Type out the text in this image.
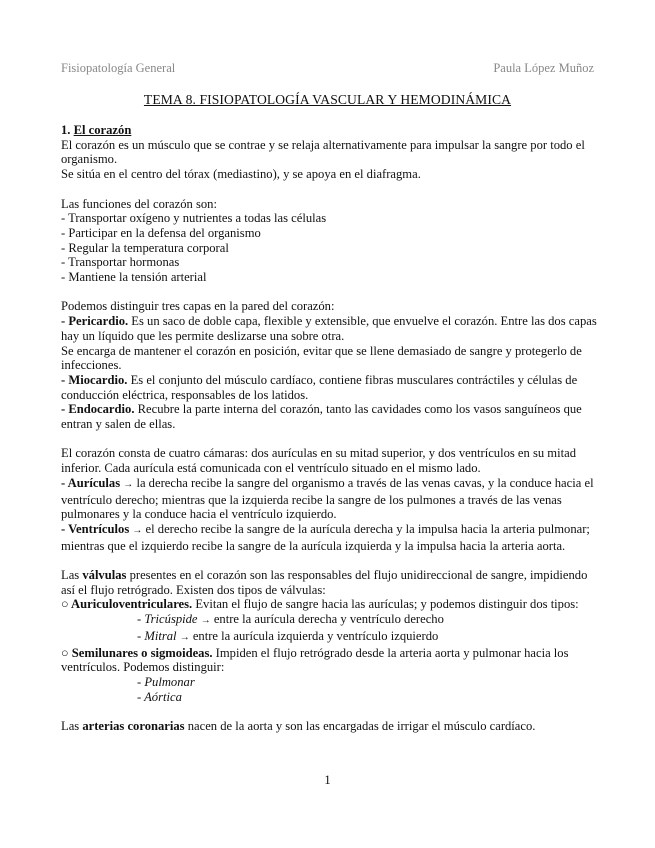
Fisiopatología General	Paula López Muñoz
TEMA 8. FISIOPATOLOGÍA VASCULAR Y HEMODINÁMICA

1. El corazón

El corazón es un músculo que se contrae y se relaja alternativamente para impulsar la sangre por todo el organismo.

Se sitúa en el centro del tórax (mediastino), y se apoya en el diafragma.

Las funciones del corazón son:

- Transportar oxígeno y nutrientes a todas las células

- Participar en la defensa del organismo

- Regular la temperatura corporal

- Transportar hormonas

- Mantiene la tensión arterial

Podemos distinguir tres capas en la pared del corazón:

- Pericardio. Es un saco de doble capa, flexible y extensible, que envuelve el corazón. Entre las dos capas hay un líquido que les permite deslizarse una sobre otra.

Se encarga de mantener el corazón en posición, evitar que se llene demasiado de sangre y protegerlo de infecciones.

- Miocardio. Es el conjunto del músculo cardíaco, contiene fibras musculares contráctiles y células de conducción eléctrica, responsables de los latidos.

- Endocardio. Recubre la parte interna del corazón, tanto las cavidades como los vasos sanguíneos que entran y salen de ellas.

El corazón consta de cuatro cámaras: dos aurículas en su mitad superior, y dos ventrículos en su mitad inferior. Cada aurícula está comunicada con el ventrículo situado en el mismo lado.

- Aurículas → la derecha recibe la sangre del organismo a través de las venas cavas, y la conduce hacia el ventrículo derecho; mientras que la izquierda recibe la sangre de los pulmones a través de las venas pulmonares y la conduce hacia el ventrículo izquierdo.

- Ventrículos → el derecho recibe la sangre de la aurícula derecha y la impulsa hacia la arteria pulmonar; mientras que el izquierdo recibe la sangre de la aurícula izquierda y la impulsa hacia la arteria aorta.

Las válvulas presentes en el corazón son las responsables del flujo unidireccional de sangre, impidiendo así el flujo retrógrado. Existen dos tipos de válvulas:

○ Auriculoventriculares. Evitan el flujo de sangre hacia las aurículas; y podemos distinguir dos tipos:

- Tricúspide → entre la aurícula derecha y ventrículo derecho

- Mitral → entre la aurícula izquierda y ventrículo izquierdo

○ Semilunares o sigmoideas. Impiden el flujo retrógrado desde la arteria aorta y pulmonar hacia los ventrículos. Podemos distinguir:

- Pulmonar

- Aórtica

Las arterias coronarias nacen de la aorta y son las encargadas de irrigar el músculo cardíaco.

1
